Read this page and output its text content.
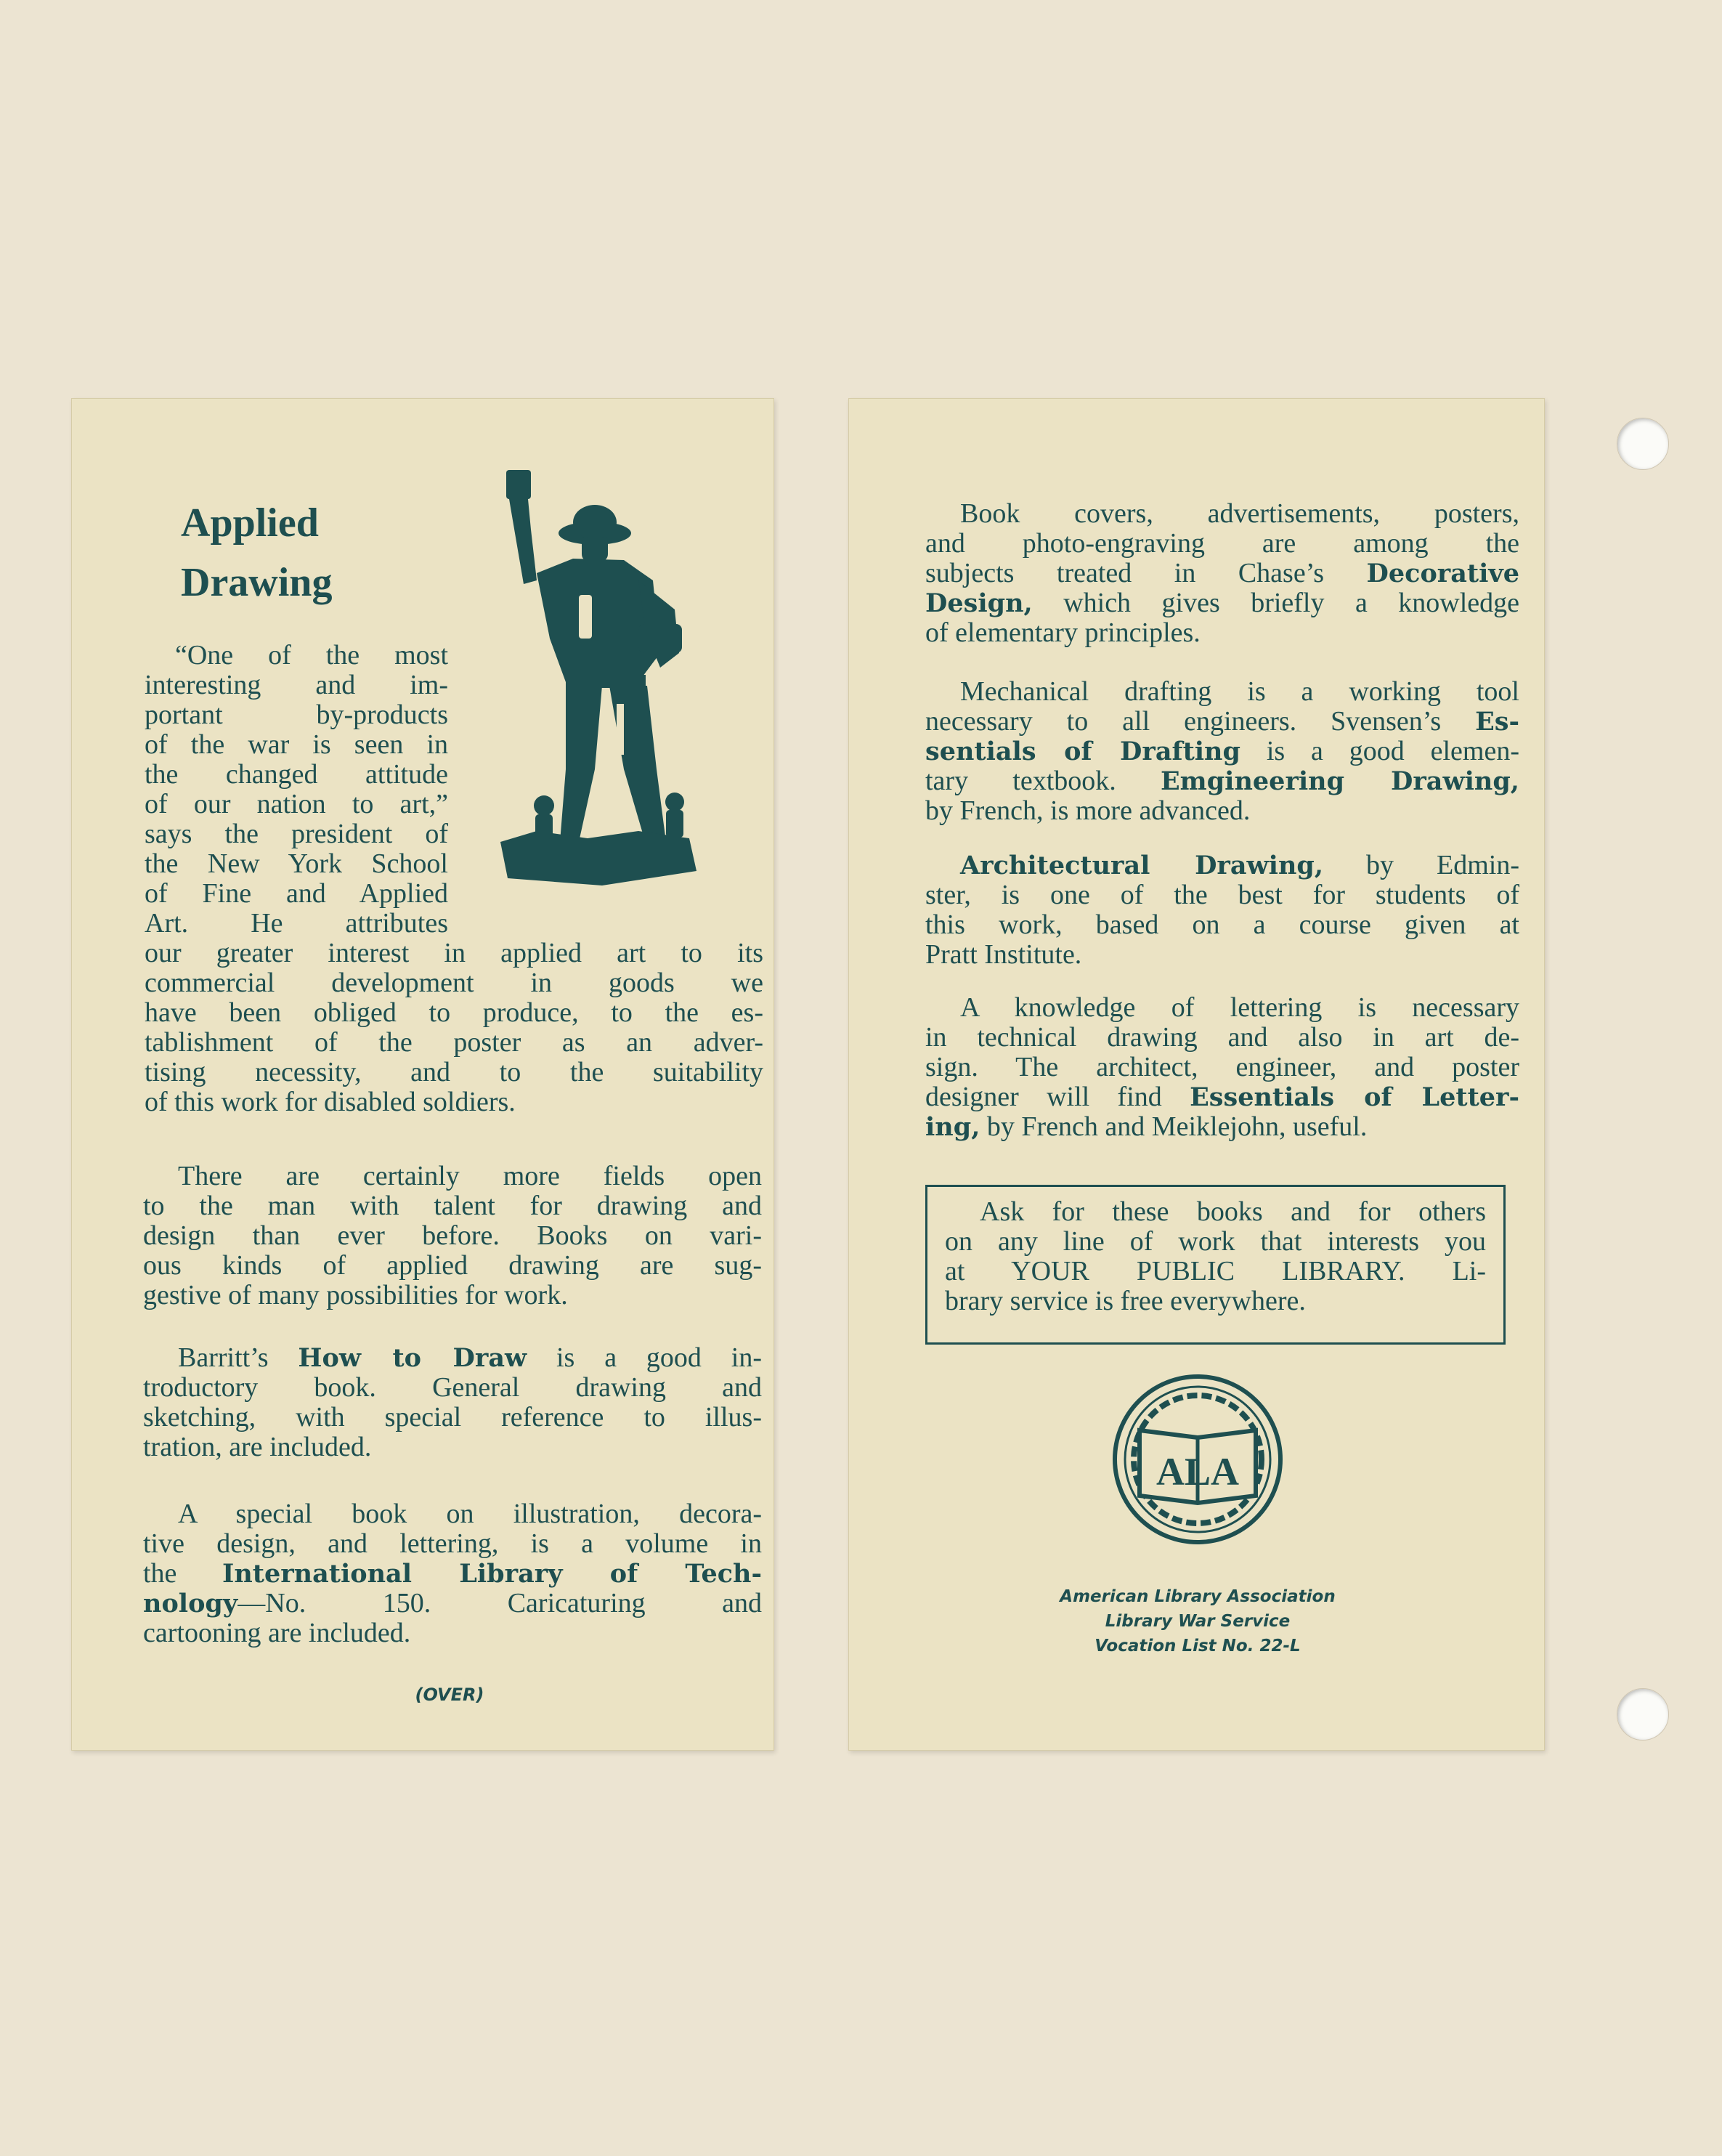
Applied
Drawing
“One of the most
interesting and im-
portant by-products
of the war is seen in
the changed attitude
of our nation to art,”
says the president of
the New York School
of Fine and Applied
Art. He attributes
our greater interest in applied art to its
commercial development in goods we
have been obliged to produce, to the es-
tablishment of the poster as an adver-
tising necessity, and to the suitability
of this work for disabled soldiers.
There are certainly more fields open
to the man with talent for drawing and
design than ever before. Books on vari-
ous kinds of applied drawing are sug-
gestive of many possibilities for work.
Barritt’s How to Draw is a good in-
troductory book. General drawing and
sketching, with special reference to illus-
tration, are included.
A special book on illustration, decora-
tive design, and lettering, is a volume in
the International Library of Tech-
nology—No. 150. Caricaturing and
cartooning are included.
(OVER)
Book covers, advertisements, posters,
and photo-engraving are among the
subjects treated in Chase’s Decorative
Design, which gives briefly a knowledge
of elementary principles.
Mechanical drafting is a working tool
necessary to all engineers. Svensen’s Es-
sentials of Drafting is a good elemen-
tary textbook. Emgineering Drawing,
by French, is more advanced.
Architectural Drawing, by Edmin-
ster, is one of the best for students of
this work, based on a course given at
Pratt Institute.
A knowledge of lettering is necessary
in technical drawing and also in art de-
sign. The architect, engineer, and poster
designer will find Essentials of Letter-
ing, by French and Meiklejohn, useful.
Ask for these books and for others
on any line of work that interests you
at YOUR PUBLIC LIBRARY. Li-
brary service is free everywhere.
ALA
American Library Association
Library War Service
Vocation List No. 22-L
